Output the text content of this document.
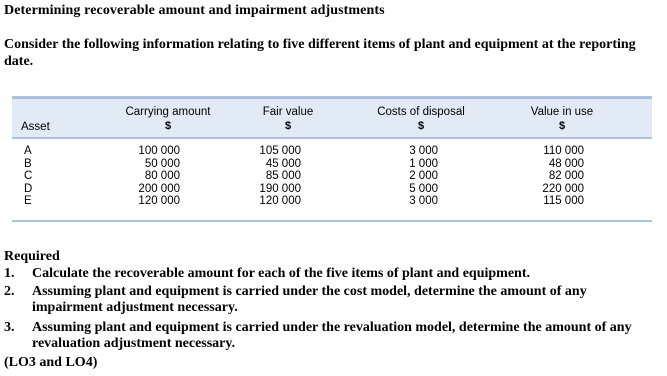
Determining recoverable amount and impairment adjustments
Consider the following information relating to five different items of plant and equipment at the reporting date.
Asset
Carrying amount
$
Fair value
$
Costs of disposal
$
Value in use
$
A
B
C
D
E
100 000
50 000
80 000
200 000
120 000
105 000
45 000
85 000
190 000
120 000
3 000
1 000
2 000
5 000
3 000
110 000
48 000
82 000
220 000
115 000
Required
1. Calculate the recoverable amount for each of the five items of plant and equipment.
2. Assuming plant and equipment is carried under the cost model, determine the amount of any impairment adjustment necessary.
3. Assuming plant and equipment is carried under the revaluation model, determine the amount of any revaluation adjustment necessary.
(LO3 and LO4)
